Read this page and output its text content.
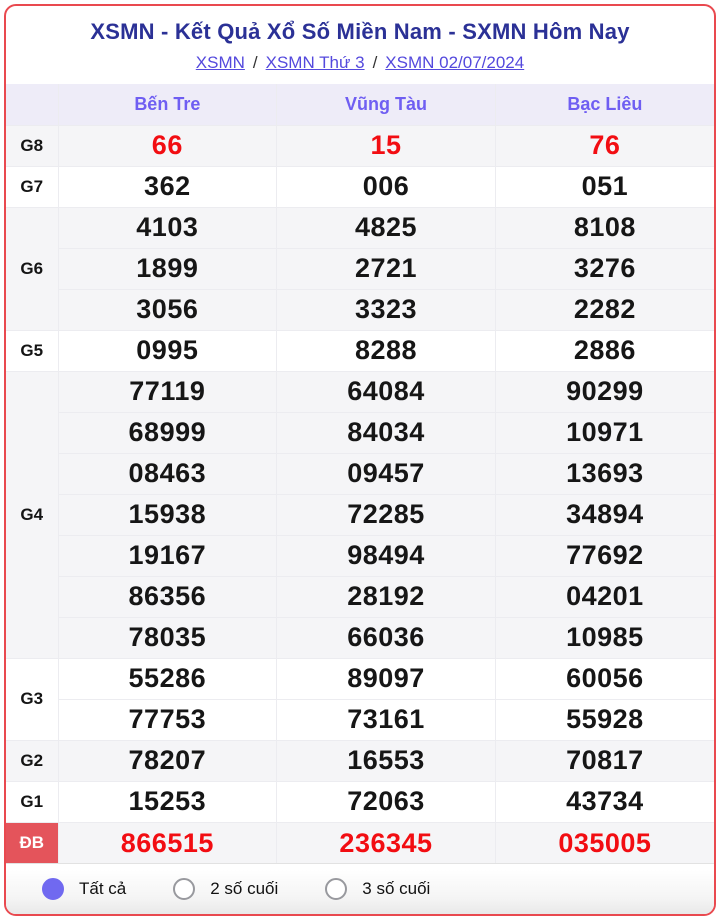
XSMN - Kết Quả Xổ Số Miền Nam - SXMN Hôm Nay
XSMN / XSMN Thứ 3 / XSMN 02/07/2024
	Bến Tre	Vũng Tàu	Bạc Liêu
G8	66	15	76
G7	362	006	051
G6	4103	4825	8108
	1899	2721	3276
	3056	3323	2282
G5	0995	8288	2886
G4	77119	64084	90299
	68999	84034	10971
	08463	09457	13693
	15938	72285	34894
	19167	98494	77692
	86356	28192	04201
	78035	66036	10985
G3	55286	89097	60056
	77753	73161	55928
G2	78207	16553	70817
G1	15253	72063	43734
ĐB	866515	236345	035005
Tất cả	2 số cuối	3 số cuối
